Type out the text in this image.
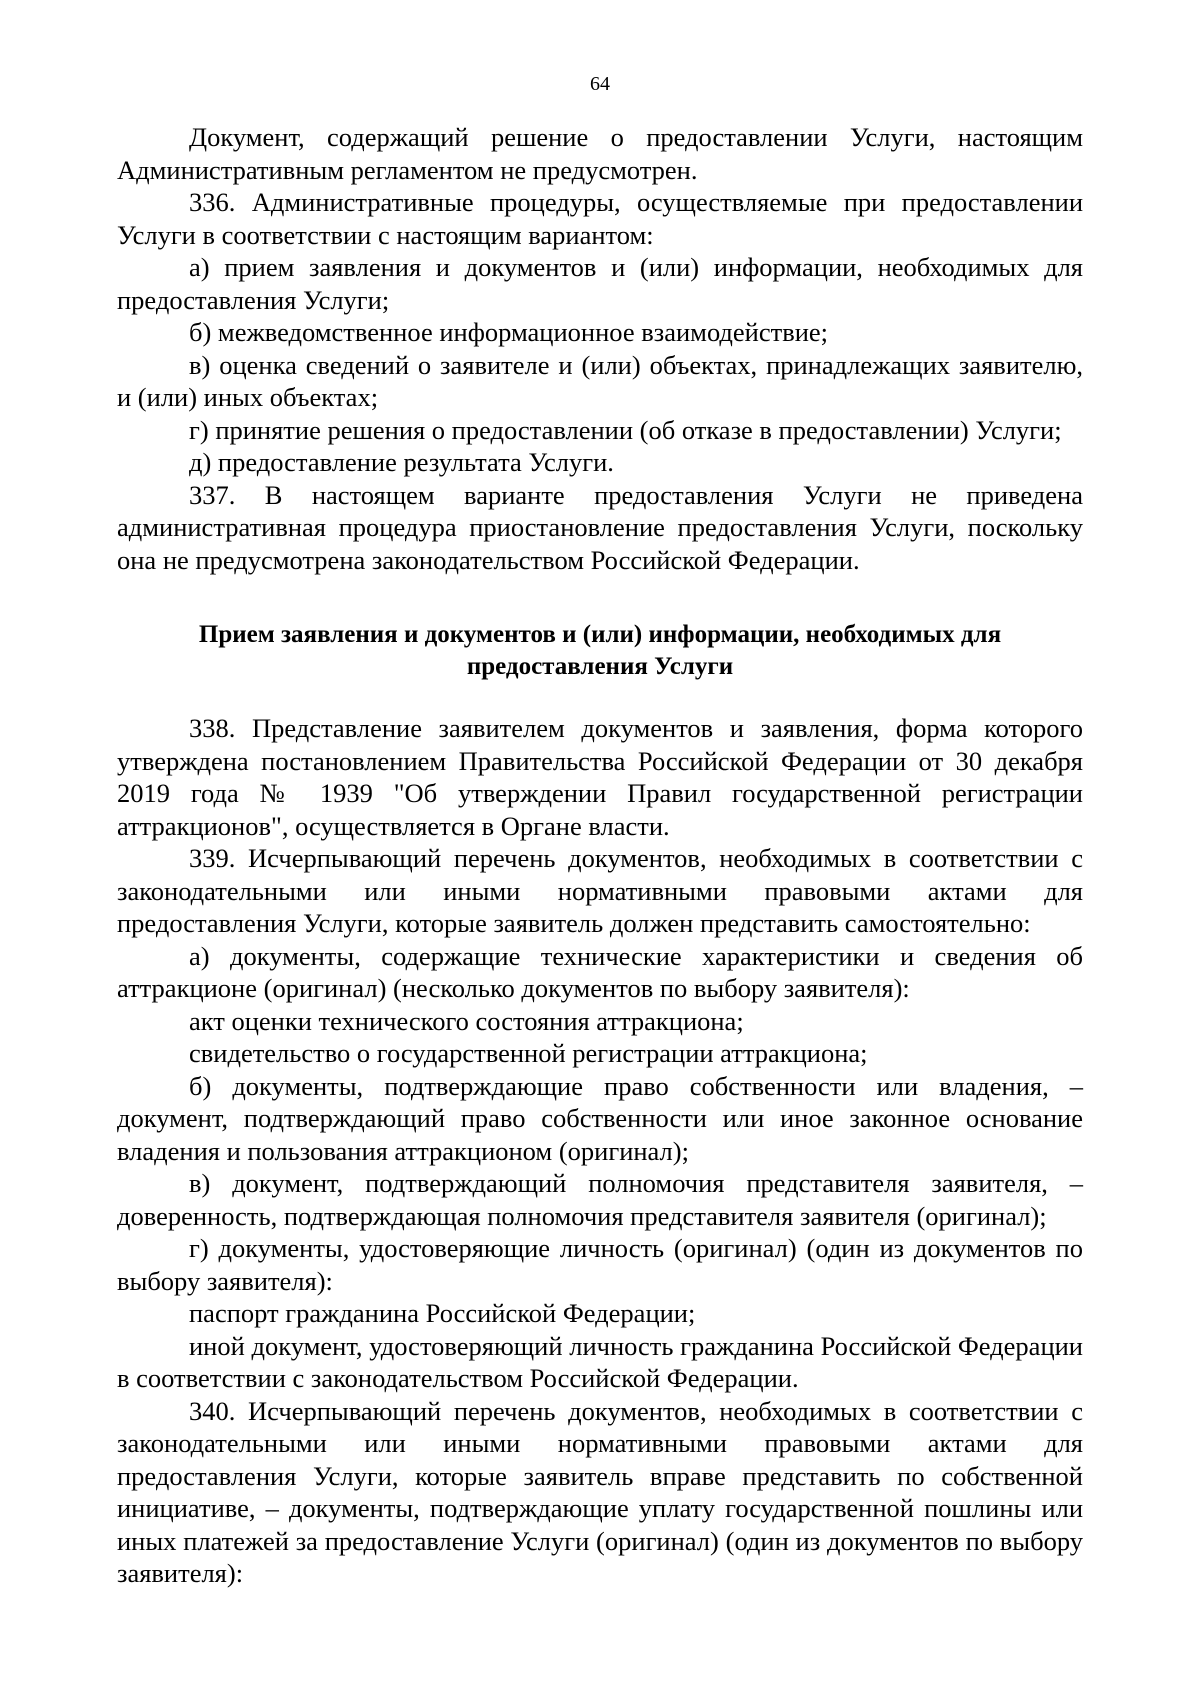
64

Документ, содержащий решение о предоставлении Услуги, настоящим Административным регламентом не предусмотрен.

336. Административные процедуры, осуществляемые при предоставлении Услуги в соответствии с настоящим вариантом:

а) прием заявления и документов и (или) информации, необходимых для предоставления Услуги;

б) межведомственное информационное взаимодействие;

в) оценка сведений о заявителе и (или) объектах, принадлежащих заявителю, и (или) иных объектах;

г) принятие решения о предоставлении (об отказе в предоставлении) Услуги;

д) предоставление результата Услуги.

337. В настоящем варианте предоставления Услуги не приведена административная процедура приостановление предоставления Услуги, поскольку она не предусмотрена законодательством Российской Федерации.

Прием заявления и документов и (или) информации, необходимых для предоставления Услуги

338. Представление заявителем документов и заявления, форма которого утверждена постановлением Правительства Российской Федерации от 30 декабря 2019 года № 1939 "Об утверждении Правил государственной регистрации аттракционов", осуществляется в Органе власти.

339. Исчерпывающий перечень документов, необходимых в соответствии с законодательными или иными нормативными правовыми актами для предоставления Услуги, которые заявитель должен представить самостоятельно:

а) документы, содержащие технические характеристики и сведения об аттракционе (оригинал) (несколько документов по выбору заявителя):

акт оценки технического состояния аттракциона;

свидетельство о государственной регистрации аттракциона;

б) документы, подтверждающие право собственности или владения, – документ, подтверждающий право собственности или иное законное основание владения и пользования аттракционом (оригинал);

в) документ, подтверждающий полномочия представителя заявителя, – доверенность, подтверждающая полномочия представителя заявителя (оригинал);

г) документы, удостоверяющие личность (оригинал) (один из документов по выбору заявителя):

паспорт гражданина Российской Федерации;

иной документ, удостоверяющий личность гражданина Российской Федерации в соответствии с законодательством Российской Федерации.

340. Исчерпывающий перечень документов, необходимых в соответствии с законодательными или иными нормативными правовыми актами для предоставления Услуги, которые заявитель вправе представить по собственной инициативе, – документы, подтверждающие уплату государственной пошлины или иных платежей за предоставление Услуги (оригинал) (один из документов по выбору заявителя):
